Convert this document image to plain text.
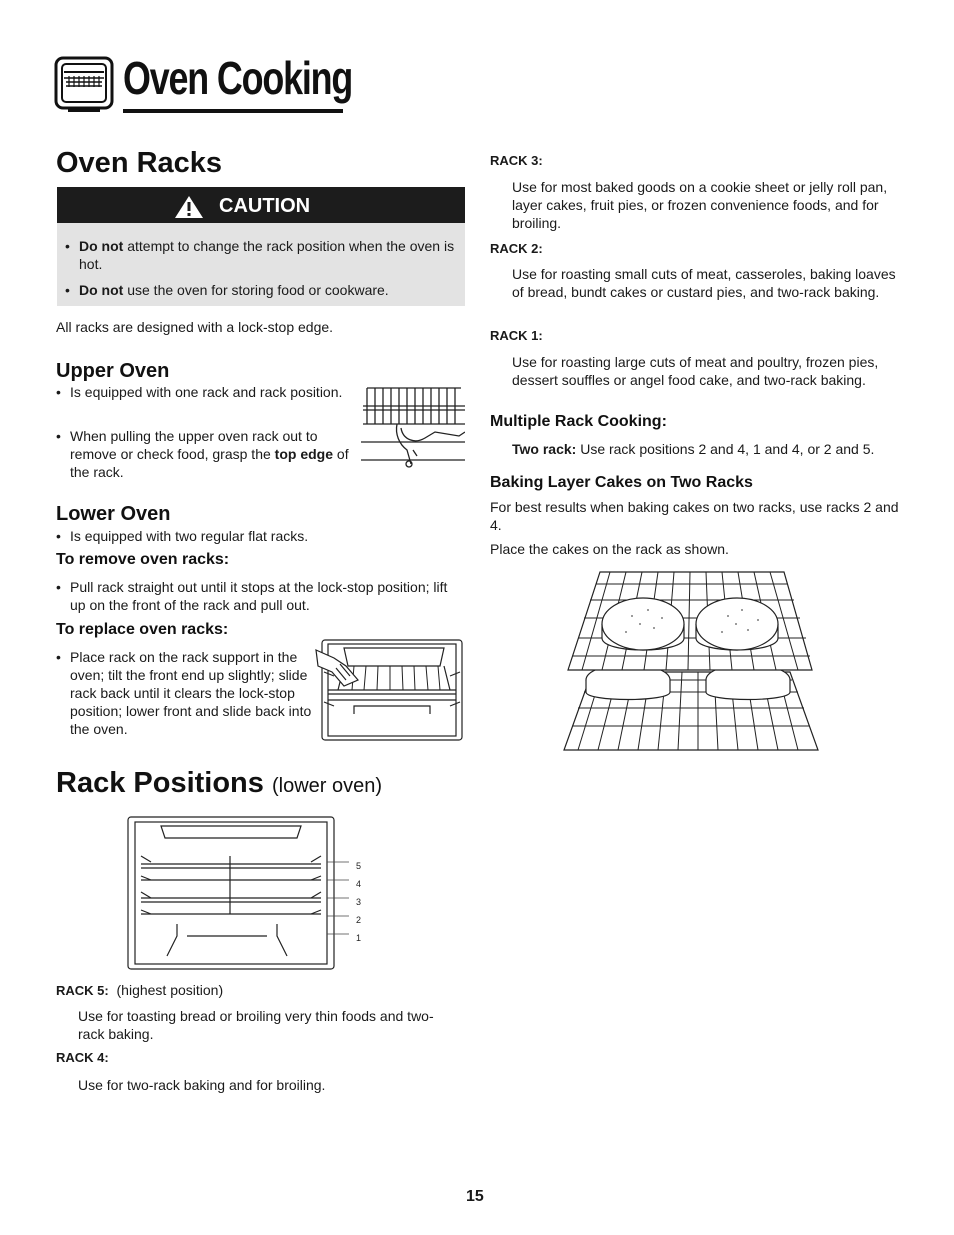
Oven Cooking
Oven Racks
CAUTION
• Do not attempt to change the rack position when the oven is hot.
• Do not use the oven for storing food or cookware.
All racks are designed with a lock-stop edge.
Upper Oven
• Is equipped with one rack and rack position.
• When pulling the upper oven rack out to remove or check food, grasp the top edge of the rack.
Lower Oven
• Is equipped with two regular flat racks.
To remove oven racks:
• Pull rack straight out until it stops at the lock-stop position; lift up on the front of the rack and pull out.
To replace oven racks:
• Place rack on the rack support in the oven; tilt the front end up slightly; slide rack back until it clears the lock-stop position; lower front and slide back into the oven.
Rack Positions (lower oven)
5
4
3
2
1
RACK 5: (highest position)
Use for toasting bread or broiling very thin foods and two-rack baking.
RACK 4:
Use for two-rack baking and for broiling.
RACK 3:
Use for most baked goods on a cookie sheet or jelly roll pan, layer cakes, fruit pies, or frozen convenience foods, and for broiling.
RACK 2:
Use for roasting small cuts of meat, casseroles, baking loaves of bread, bundt cakes or custard pies, and two-rack baking.
RACK 1:
Use for roasting large cuts of meat and poultry, frozen pies, dessert souffles or angel food cake, and two-rack baking.
Multiple Rack Cooking:
Two rack: Use rack positions 2 and 4, 1 and 4, or 2 and 5.
Baking Layer Cakes on Two Racks
For best results when baking cakes on two racks, use racks 2 and 4.
Place the cakes on the rack as shown.
15
